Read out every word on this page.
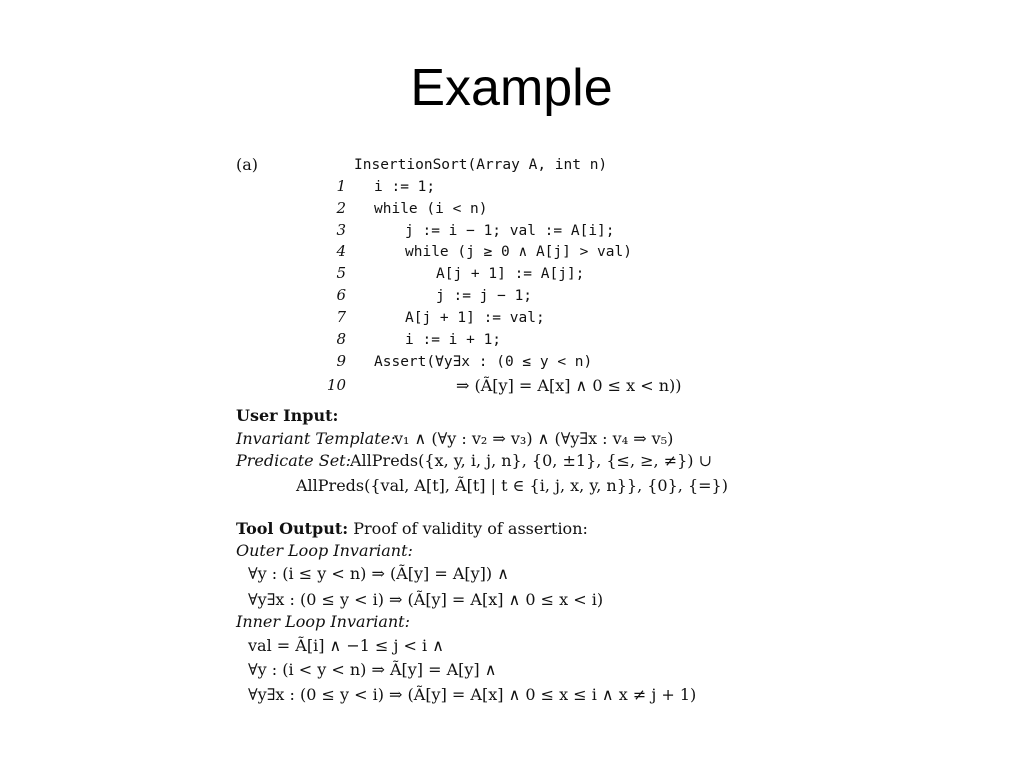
Example
(a)	InsertionSort(Array A, int n)
1 i := 1;
2 while (i < n)
3	j := i − 1; val := A[i];
4	while (j ≥ 0 ∧ A[j] > val)
5	A[j + 1] := A[j];
6	j := j − 1;
7	A[j + 1] := val;
8	i := i + 1;
9 Assert(∀y∃x : (0 ≤ y < n)
10	⇒ (Ã[y] = A[x] ∧ 0 ≤ x < n))
User Input:
Invariant Template:
v₁ ∧ (∀y : v₂ ⇒ v₃) ∧ (∀y∃x : v₄ ⇒ v₅)
Predicate Set: AllPreds({x, y, i, j, n}, {0, ±1}, {≤, ≥, ≠}) ∪
AllPreds({val, A[t], Ã[t] | t ∈ {i, j, x, y, n}}, {0}, {=})
Tool Output: Proof of validity of assertion:
Outer Loop Invariant:
∀y : (i ≤ y < n) ⇒ (Ã[y] = A[y]) ∧
∀y∃x : (0 ≤ y < i) ⇒ (Ã[y] = A[x] ∧ 0 ≤ x < i)
Inner Loop Invariant:
val = Ã[i] ∧ −1 ≤ j < i ∧
∀y : (i < y < n) ⇒ Ã[y] = A[y] ∧
∀y∃x : (0 ≤ y < i) ⇒ (Ã[y] = A[x] ∧ 0 ≤ x ≤ i ∧ x ≠ j + 1)
